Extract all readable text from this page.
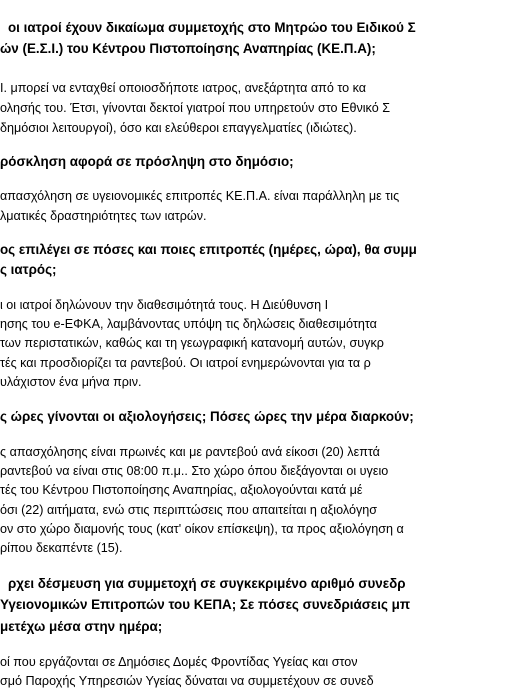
οι ιατροί έχουν δικαίωμα συμμετοχής στο Μητρώο του Ειδικού Σ
ών (Ε.Σ.Ι.) του Κέντρου Πιστοποίησης Αναπηρίας (ΚΕ.Π.Α);
Ι. μπορεί να ενταχθεί οποιοσδήποτε ιατρος, ανεξάρτητα από το κα
ολησής του. Έτσι, γίνονται δεκτοί γιατροί που υπηρετούν στο Εθνικό Σ
δημόσιοι λειτουργοί), όσο και ελεύθεροι επαγγελματίες (ιδιώτες).
ρόσκληση αφορά σε πρόσληψη στο δημόσιο;
απασχόληση σε υγειονομικές επιτροπές ΚΕ.Π.Α. είναι παράλληλη με τις
λματικές δραστηριότητες των ιατρών.
ος επιλέγει σε πόσες και ποιες επιτροπές (ημέρες, ώρα), θα συμμ
ς ιατρός;
ι οι ιατροί δηλώνουν την διαθεσιμότητά τους. Η Διεύθυνση Ι
ησης του e-ΕΦΚΑ, λαμβάνοντας υπόψη τις δηλώσεις διαθεσιμότητα
των περιστατικών, καθώς και τη γεωγραφική κατανομή αυτών, συγκρ
τές και προσδιορίζει τα ραντεβού. Οι ιατροί ενημερώνονται για τα ρ
υλάχιστον ένα μήνα πριν.
ς ώρες γίνονται οι αξιολογήσεις; Πόσες ώρες την μέρα διαρκούν;
ς απασχόλησης είναι πρωινές και με ραντεβού ανά είκοσι (20) λεπτά
ραντεβού να είναι στις 08:00 π.μ.. Στο χώρο όπου διεξάγονται οι υγειο
τές του Κέντρου Πιστοποίησης Αναπηρίας, αξιολογούνται κατά μέ
όσι (22) αιτήματα, ενώ στις περιπτώσεις που απαιτείται η αξιολόγησ
ον στο χώρο διαμονής τους (κατ' οίκον επίσκεψη), τα προς αξιολόγηση α
ρίπου δεκαπέντε (15).
ρχει δέσμευση για συμμετοχή σε συγκεκριμένο αριθμό συνεδρ
Υγειονομικών Επιτροπών του ΚΕΠΑ; Σε πόσες συνεδριάσεις μπ
μετέχω μέσα στην ημέρα;
οί που εργάζονται σε Δημόσιες Δομές Φροντίδας Υγείας και στον
σμό Παροχής Υπηρεσιών Υγείας δύναται να συμμετέχουν σε συνεδ
